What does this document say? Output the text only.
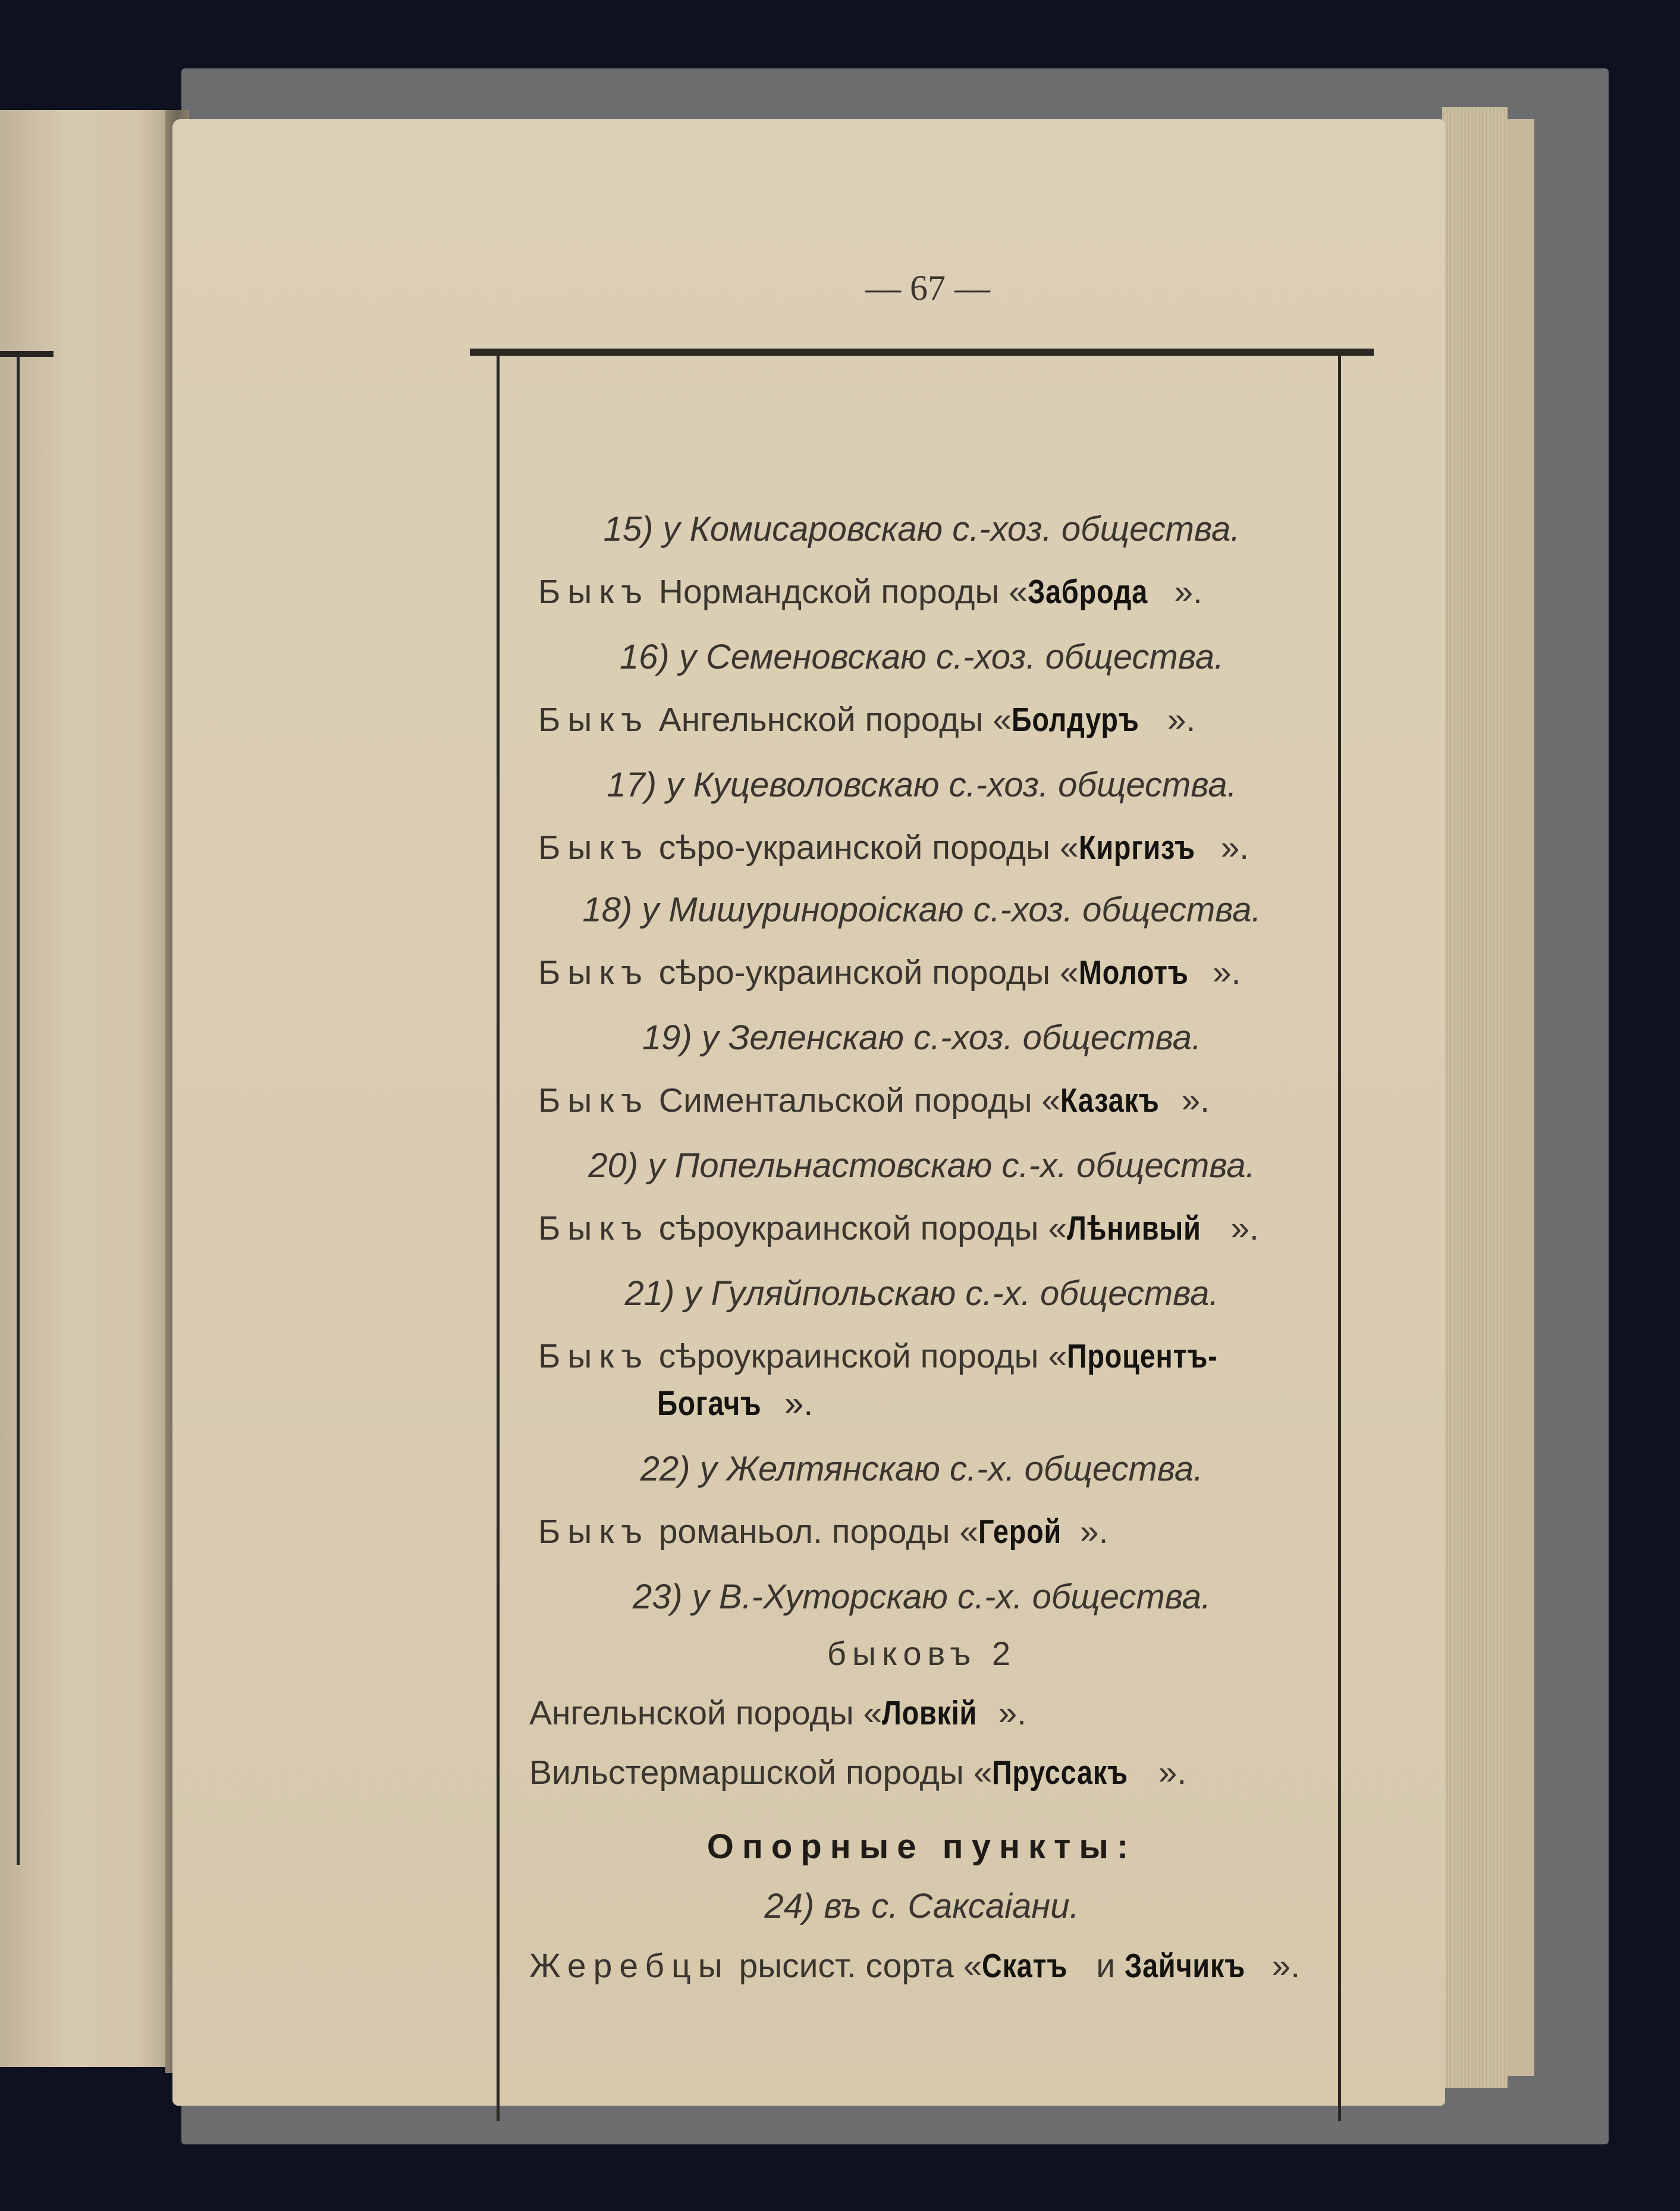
— 67 —
15) у Комисаровскаю с.-хоз. общества.
Быкъ Нормандской породы «Заброда ».
16) у Семеновскаю с.-хоз. общества.
Быкъ Ангельнской породы «Болдуръ ».
17) у Куцеволовскаю с.-хоз. общества.
Быкъ сѣро-украинской породы «Киргизъ ».
18) у Мишуринороіскаю с.-хоз. общества.
Быкъ сѣро-украинской породы «Молотъ ».
19) у Зеленскаю с.-хоз. общества.
Быкъ Симентальской породы «Казакъ ».
20) у Попельнастовскаю с.-х. общества.
Быкъ сѣроукраинской породы «Лѣнивый ».
21) у Гуляйпольскаю с.-х. общества.
Быкъ сѣроукраинской породы «Процентъ-
Богачъ ».
22) у Желтянскаю с.-х. общества.
Быкъ романьол. породы «Герой ».
23) у В.-Хуторскаю с.-х. общества.
быковъ 2
Ангельнской породы «Ловкій ».
Вильстермаршской породы «Пруссакъ ».
Опорные пункты:
24) въ с. Саксаіани.
Жеребцы рысист. сорта «Скатъ и Зайчикъ ».
